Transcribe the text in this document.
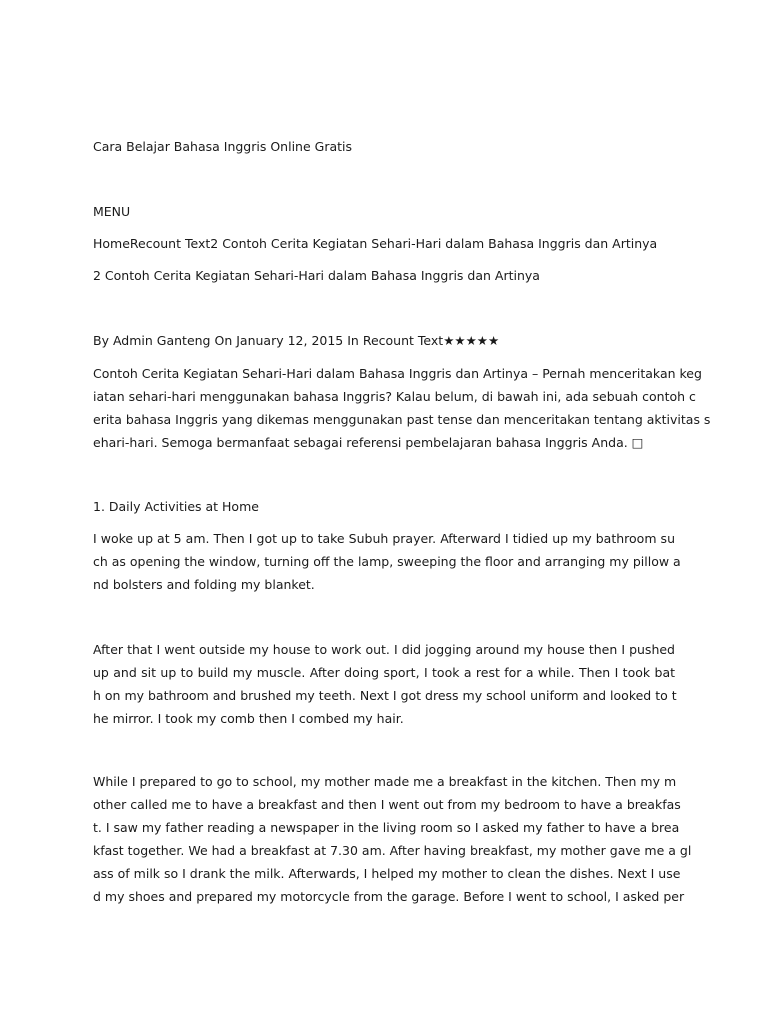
Cara Belajar Bahasa Inggris Online Gratis
MENU
HomeRecount Text2 Contoh Cerita Kegiatan Sehari-Hari dalam Bahasa Inggris dan Artinya
2 Contoh Cerita Kegiatan Sehari-Hari dalam Bahasa Inggris dan Artinya
By Admin Ganteng On January 12, 2015 In Recount Text★★★★★
Contoh Cerita Kegiatan Sehari-Hari dalam Bahasa Inggris dan Artinya – Pernah menceritakan keg
iatan sehari-hari menggunakan bahasa Inggris? Kalau belum, di bawah ini, ada sebuah contoh c
erita bahasa Inggris yang dikemas menggunakan past tense dan menceritakan tentang aktivitas s
ehari-hari. Semoga bermanfaat sebagai referensi pembelajaran bahasa Inggris Anda. □
1. Daily Activities at Home
I woke up at 5 am. Then I got up to take Subuh prayer. Afterward I tidied up my bathroom su
ch as opening the window, turning off the lamp, sweeping the floor and arranging my pillow a
nd bolsters and folding my blanket.
After that I went outside my house to work out. I did jogging around my house then I pushed
up and sit up to build my muscle. After doing sport, I took a rest for a while. Then I took bat
h on my bathroom and brushed my teeth. Next I got dress my school uniform and looked to t
he mirror. I took my comb then I combed my hair.
While I prepared to go to school, my mother made me a breakfast in the kitchen. Then my m
other called me to have a breakfast and then I went out from my bedroom to have a breakfas
t. I saw my father reading a newspaper in the living room so I asked my father to have a brea
kfast together. We had a breakfast at 7.30 am. After having breakfast, my mother gave me a gl
ass of milk so I drank the milk. Afterwards, I helped my mother to clean the dishes. Next I use
d my shoes and prepared my motorcycle from the garage. Before I went to school, I asked per
